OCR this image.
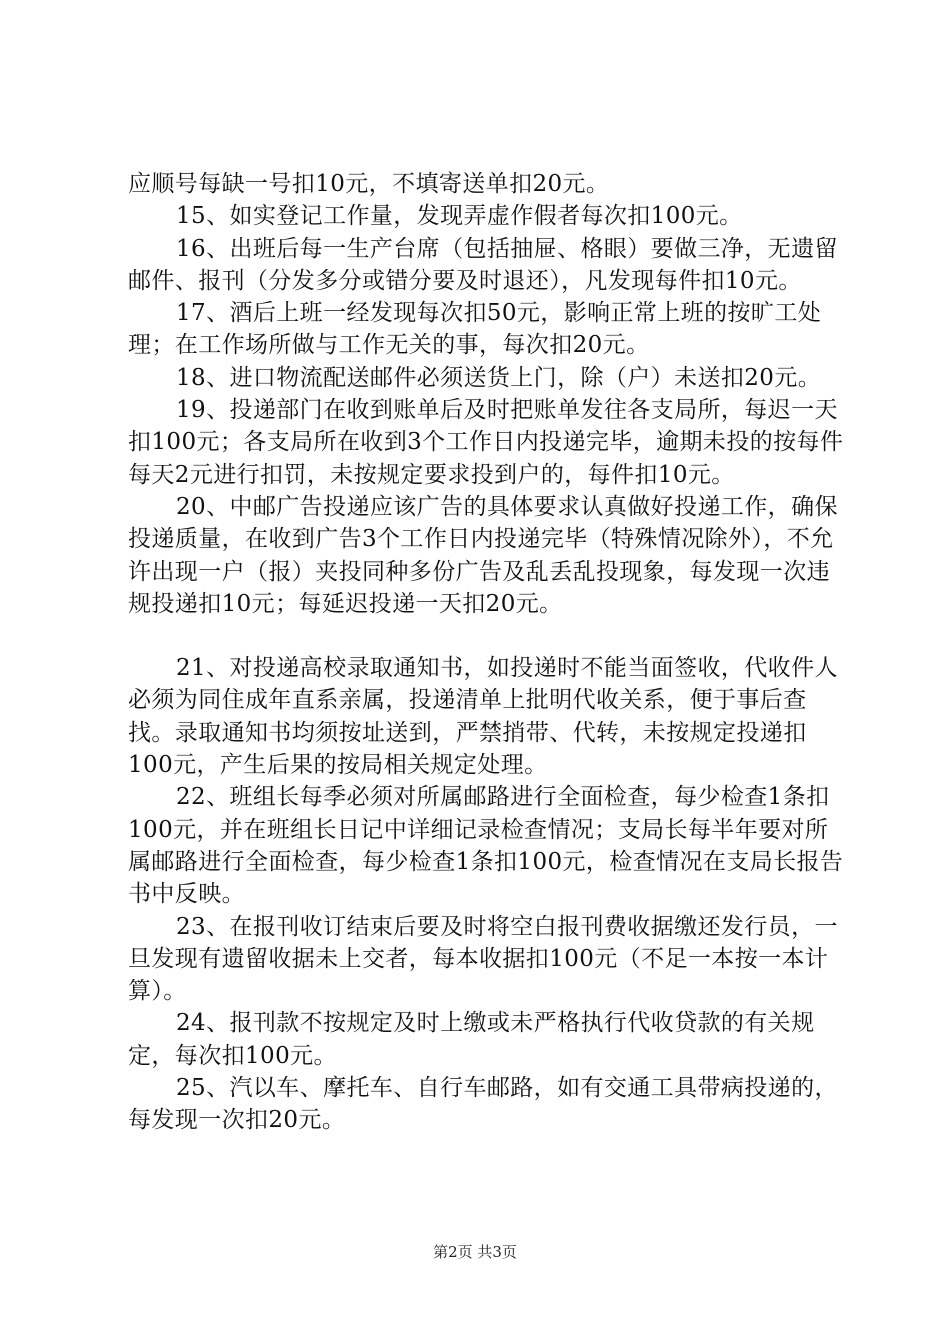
应顺号每缺一号扣10元，不填寄送单扣20元。

15、如实登记工作量，发现弄虚作假者每次扣100元。

16、出班后每一生产台席（包括抽屉、格眼）要做三净，无遗留邮件、报刊（分发多分或错分要及时退还），凡发现每件扣10元。

17、酒后上班一经发现每次扣50元，影响正常上班的按旷工处理；在工作场所做与工作无关的事，每次扣20元。

18、进口物流配送邮件必须送货上门，除（户）未送扣20元。

19、投递部门在收到账单后及时把账单发往各支局所，每迟一天扣100元；各支局所在收到3个工作日内投递完毕，逾期未投的按每件每天2元进行扣罚，未按规定要求投到户的，每件扣10元。

20、中邮广告投递应该广告的具体要求认真做好投递工作，确保投递质量，在收到广告3个工作日内投递完毕（特殊情况除外），不允许出现一户（报）夹投同种多份广告及乱丢乱投现象，每发现一次违规投递扣10元；每延迟投递一天扣20元。

21、对投递高校录取通知书，如投递时不能当面签收，代收件人必须为同住成年直系亲属，投递清单上批明代收关系，便于事后查找。录取通知书均须按址送到，严禁捎带、代转，未按规定投递扣100元，产生后果的按局相关规定处理。

22、班组长每季必须对所属邮路进行全面检查，每少检查1条扣100元，并在班组长日记中详细记录检查情况；支局长每半年要对所属邮路进行全面检查，每少检查1条扣100元，检查情况在支局长报告书中反映。

23、在报刊收订结束后要及时将空白报刊费收据缴还发行员，一旦发现有遗留收据未上交者，每本收据扣100元（不足一本按一本计算）。

24、报刊款不按规定及时上缴或未严格执行代收贷款的有关规定，每次扣100元。

25、汽以车、摩托车、自行车邮路，如有交通工具带病投递的，每发现一次扣20元。

第2页 共3页
